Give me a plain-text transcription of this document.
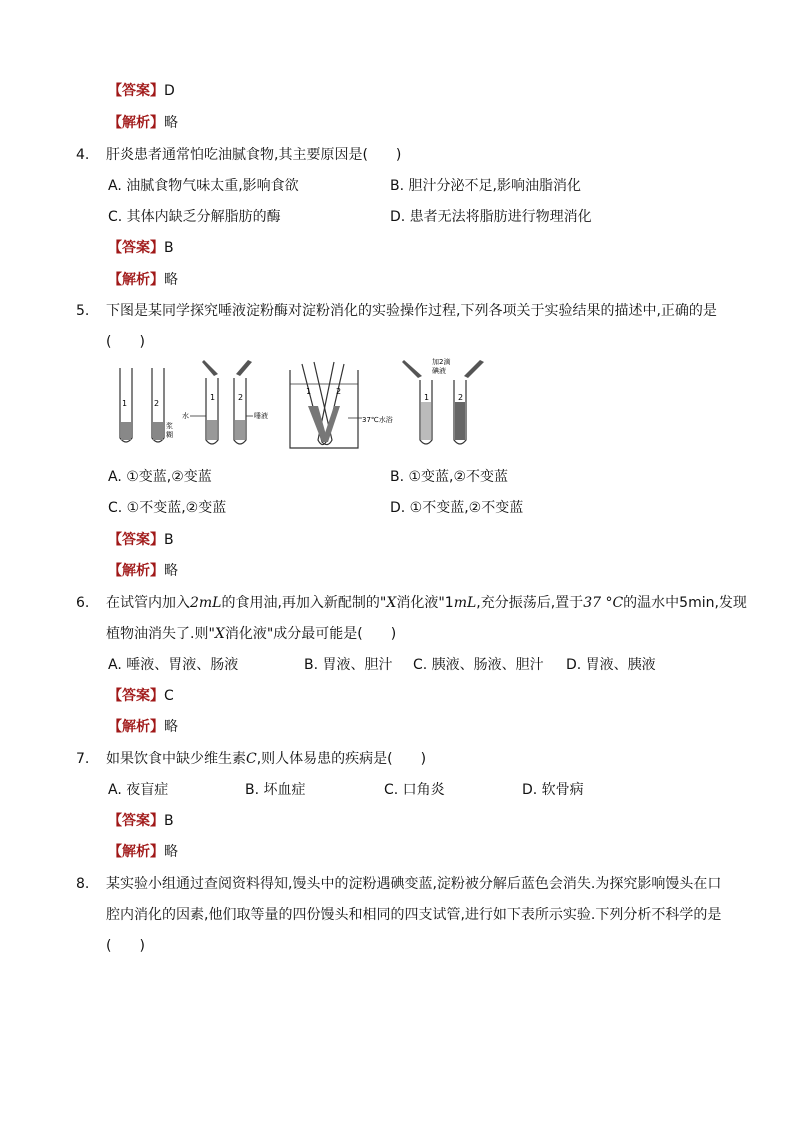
【答案】D
【解析】略
4. 肝炎患者通常怕吃油腻食物,其主要原因是(　　)
A. 油腻食物气味太重,影响食欲	B. 胆汁分泌不足,影响油脂消化
C. 其体内缺乏分解脂肪的酶	D. 患者无法将脂肪进行物理消化
【答案】B
【解析】略
5. 下图是某同学探究唾液淀粉酶对淀粉消化的实验操作过程,下列各项关于实验结果的描述中,正确的是
(　　)
1	2
浆
糊
1	2
水	唾液
1	2
37℃水浴
1	2
加2滴
碘液
A. ①变蓝,②变蓝	B. ①变蓝,②不变蓝
C. ①不变蓝,②变蓝	D. ①不变蓝,②不变蓝
【答案】B
【解析】略
6. 在试管内加入2mL的食用油,再加入新配制的"X消化液"1mL,充分振荡后,置于37 °C的温水中5min,发现
植物油消失了.则"X消化液"成分最可能是(　　)
A. 唾液、胃液、肠液	B. 胃液、胆汁 C. 胰液、肠液、胆汁 D. 胃液、胰液
【答案】C
【解析】略
7. 如果饮食中缺少维生素C,则人体易患的疾病是(　　)
A. 夜盲症	B. 坏血症	C. 口角炎	D. 软骨病
【答案】B
【解析】略
8. 某实验小组通过查阅资料得知,馒头中的淀粉遇碘变蓝,淀粉被分解后蓝色会消失.为探究影响馒头在口
腔内消化的因素,他们取等量的四份馒头和相同的四支试管,进行如下表所示实验.下列分析不科学的是
(　　)
